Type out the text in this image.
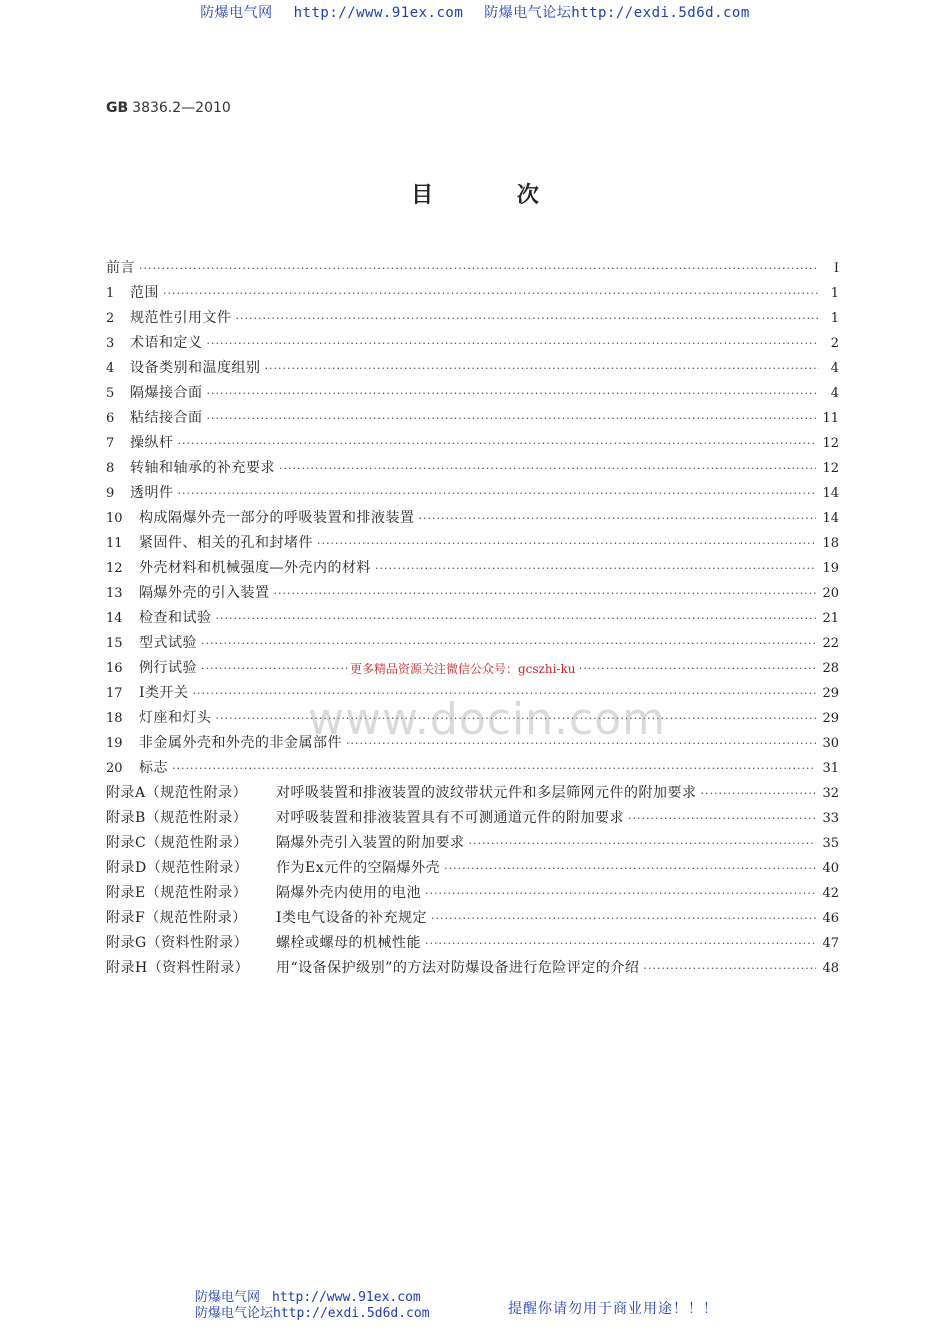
防爆电气网 http://www.91ex.com 防爆电气论坛http://exdi.5d6d.com
GB 3836.2—2010
目 次
前言 ·····	Ⅰ
1	范围 ·····	1
2	规范性引用文件 ·····	1
3	术语和定义 ·····	2
4	设备类别和温度组别 ·····	4
5	隔爆接合面 ·····	4
6	粘结接合面 ·····	11
7	操纵杆 ·····	12
8	转轴和轴承的补充要求 ·····	12
9	透明件 ·····	14
10	构成隔爆外壳一部分的呼吸装置和排液装置 ·····	14
11	紧固件、相关的孔和封堵件 ·····	18
12	外壳材料和机械强度—外壳内的材料 ·····	19
13	隔爆外壳的引入装置 ·····	20
14	检查和试验 ·····	21
15	型式试验 ·····	22
16	例行试验 ·····	28
17	Ⅰ类开关 ·····	29
18	灯座和灯头 ·····	29
19	非金属外壳和外壳的非金属部件 ·····	30
20	标志 ·····	31
附录A（规范性附录）	对呼吸装置和排液装置的波纹带状元件和多层筛网元件的附加要求 ·····	32
附录B（规范性附录）	对呼吸装置和排液装置具有不可测通道元件的附加要求 ·····	33
附录C（规范性附录）	隔爆外壳引入装置的附加要求 ·····	35
附录D（规范性附录）	作为Ex元件的空隔爆外壳 ·····	40
附录E（规范性附录）	隔爆外壳内使用的电池 ·····	42
附录F（规范性附录）	Ⅰ类电气设备的补充规定 ·····	46
附录G（资料性附录）	螺栓或螺母的机械性能 ·····	47
附录H（资料性附录）	用“设备保护级别”的方法对防爆设备进行危险评定的介绍 ·····	48
更多精品资源关注微信公众号：gcszhi-ku
www.docin.com
防爆电气网 http://www.91ex.com
防爆电气论坛http://exdi.5d6d.com	提醒你请勿用于商业用途！！！
